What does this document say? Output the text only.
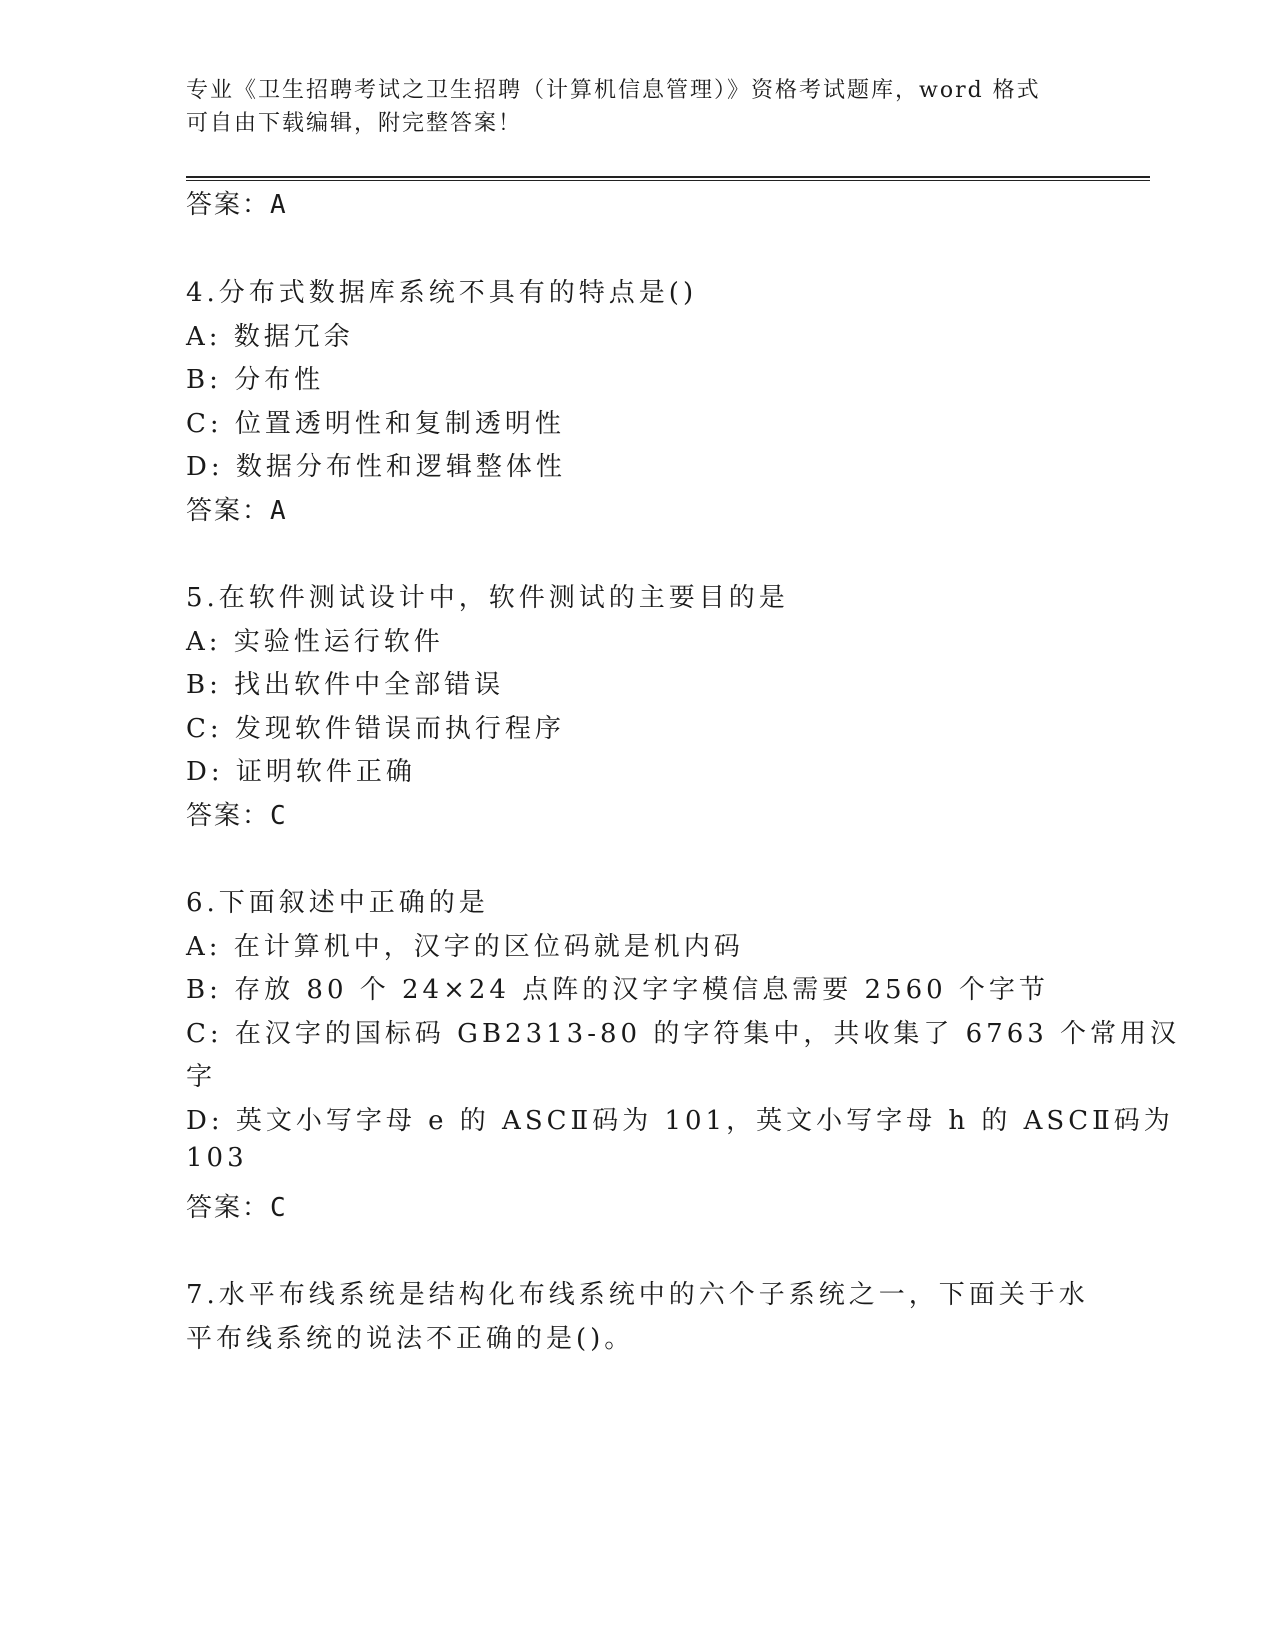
专业《卫生招聘考试之卫生招聘（计算机信息管理）》资格考试题库，word 格式
可自由下载编辑，附完整答案！
答案：A
4.分布式数据库系统不具有的特点是()
A: 数据冗余
B: 分布性
C: 位置透明性和复制透明性
D: 数据分布性和逻辑整体性
答案：A
5.在软件测试设计中，软件测试的主要目的是
A: 实验性运行软件
B: 找出软件中全部错误
C: 发现软件错误而执行程序
D: 证明软件正确
答案：C
6.下面叙述中正确的是
A: 在计算机中，汉字的区位码就是机内码
B: 存放 80 个 24×24 点阵的汉字字模信息需要 2560 个字节
C: 在汉字的国标码 GB2313-80 的字符集中，共收集了 6763 个常用汉
字
D: 英文小写字母 e 的 ASCⅡ码为 101，英文小写字母 h 的 ASCⅡ码为
103
答案：C
7.水平布线系统是结构化布线系统中的六个子系统之一，下面关于水
平布线系统的说法不正确的是()。
